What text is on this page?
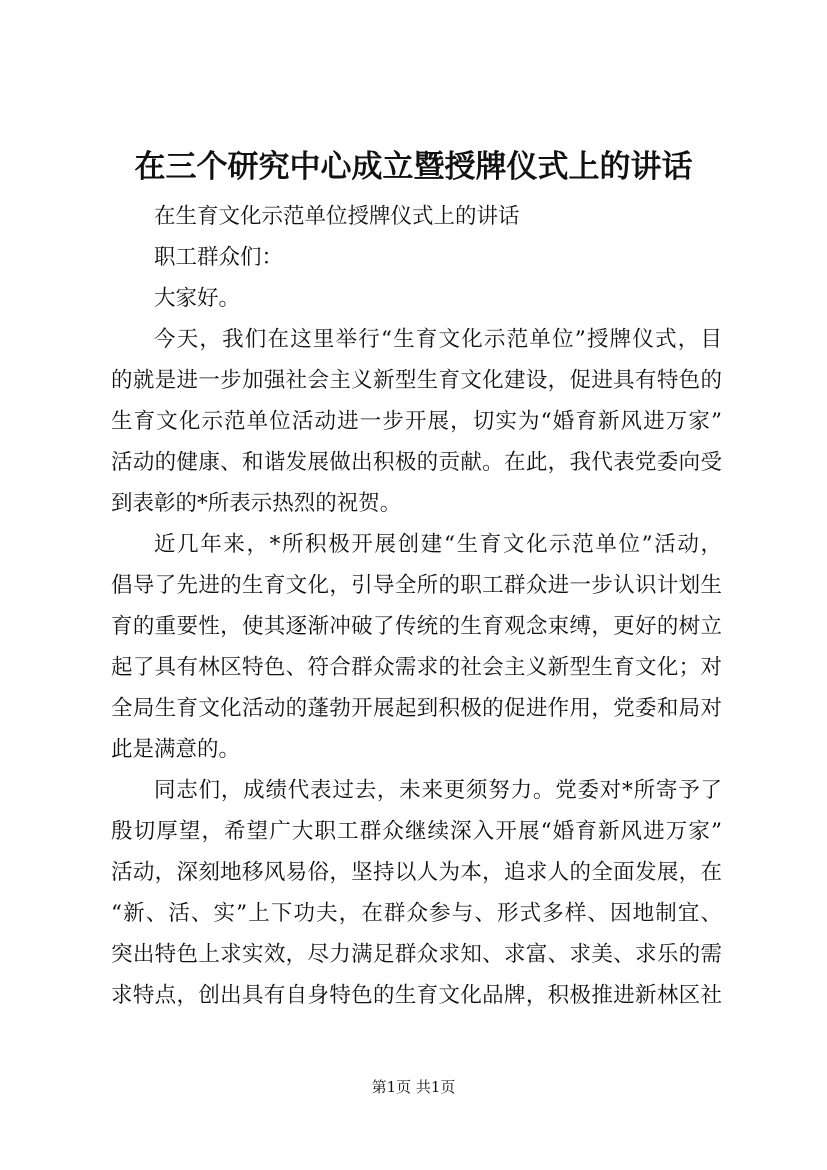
在三个研究中心成立暨授牌仪式上的讲话
在生育文化示范单位授牌仪式上的讲话
职工群众们：
大家好。
今天，我们在这里举行“生育文化示范单位”授牌仪式，目
的就是进一步加强社会主义新型生育文化建设，促进具有特色的
生育文化示范单位活动进一步开展，切实为“婚育新风进万家”
活动的健康、和谐发展做出积极的贡献。在此，我代表党委向受
到表彰的*所表示热烈的祝贺。
近几年来，*所积极开展创建“生育文化示范单位”活动，
倡导了先进的生育文化，引导全所的职工群众进一步认识计划生
育的重要性，使其逐渐冲破了传统的生育观念束缚，更好的树立
起了具有林区特色、符合群众需求的社会主义新型生育文化；对
全局生育文化活动的蓬勃开展起到积极的促进作用，党委和局对
此是满意的。
同志们，成绩代表过去，未来更须努力。党委对*所寄予了
殷切厚望，希望广大职工群众继续深入开展“婚育新风进万家”
活动，深刻地移风易俗，坚持以人为本，追求人的全面发展，在
“新、活、实”上下功夫，在群众参与、形式多样、因地制宜、
突出特色上求实效，尽力满足群众求知、求富、求美、求乐的需
求特点，创出具有自身特色的生育文化品牌，积极推进新林区社
第1页 共1页
